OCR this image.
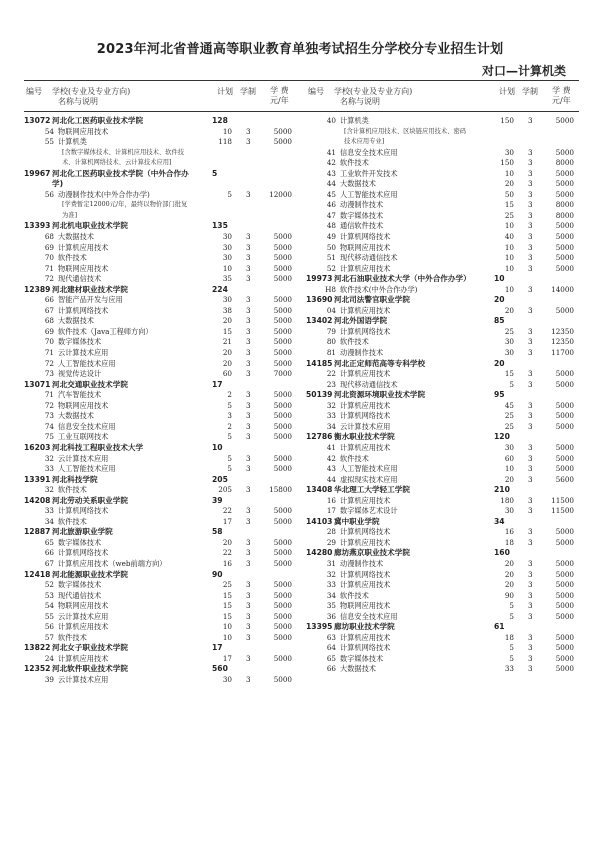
2023年河北省普通高等职业教育单独考试招生分学校分专业招生计划
对口—计算机类
编号 学校(专业及专业方向)
名称与说明
计划 学制 学 费
元/年
13072 河北化工医药职业技术学院	128
54 物联网应用技术	10 3	5000
55 计算机类	118 3	5000
[含数字媒体技术、计算机应用技术、软件技
术、计算机网络技术、云计算技术应用]
19967 河北化工医药职业技术学院（中外合作办	5
学)
56 动漫制作技术(中外合作办学)	5 3	12000
[学费暂定12000元/年，最终以物价部门批复
为准]
13393 河北机电职业技术学院	135
68 大数据技术	30 3	5000
69 计算机应用技术	30 3	5000
70 软件技术	30 3	5000
71 物联网应用技术	10 3	5000
72 现代通信技术	35 3	5000
12389 河北建材职业技术学院	224
66 智能产品开发与应用	30 3	5000
67 计算机网络技术	38 3	5000
68 大数据技术	20 3	5000
69 软件技术（Java工程师方向）	15 3	5000
70 数字媒体技术	21 3	5000
71 云计算技术应用	20 3	5000
72 人工智能技术应用	20 3	5000
73 视觉传达设计	60 3	7000
13071 河北交通职业技术学院	17
71 汽车智能技术	2 3	5000
72 物联网应用技术	5 3	5000
73 大数据技术	3 3	5000
74 信息安全技术应用	2 3	5000
75 工业互联网技术	5 3	5000
16203 河北科技工程职业技术大学	10
32 云计算技术应用	5 3	5000
33 人工智能技术应用	5 3	5000
13391 河北科技学院	205
32 软件技术	205 3	15800
14208 河北劳动关系职业学院	39
33 计算机网络技术	22 3	5000
34 软件技术	17 3	5000
12887 河北旅游职业学院	58
65 数字媒体技术	20 3	5000
66 计算机网络技术	22 3	5000
67 计算机应用技术（web前端方向）	16 3	5000
12418 河北能源职业技术学院	90
52 数字媒体技术	25 3	5000
53 现代通信技术	15 3	5000
54 物联网应用技术	15 3	5000
55 云计算技术应用	15 3	5000
56 计算机应用技术	10 3	5000
57 软件技术	10 3	5000
13822 河北女子职业技术学院	17
24 计算机应用技术	17 3	5000
12352 河北软件职业技术学院	560
39 云计算技术应用	30 3	5000
编号 学校(专业及专业方向)
名称与说明
计划 学制 学 费
元/年
40 计算机类	150 3	5000
[含计算机应用技术、区块链应用技术、密码
技术应用专业]
41 信息安全技术应用	30 3	5000
42 软件技术	150 3	8000
43 工业软件开发技术	10 3	5000
44 大数据技术	20 3	5000
45 人工智能技术应用	50 3	5000
46 动漫制作技术	15 3	8000
47 数字媒体技术	25 3	8000
48 通信软件技术	10 3	5000
49 计算机网络技术	40 3	5000
50 物联网应用技术	10 3	5000
51 现代移动通信技术	10 3	5000
52 计算机应用技术	10 3	5000
19973 河北石油职业技术大学（中外合作办学）	10
H8 软件技术(中外合作办学)	10 3	14000
13690 河北司法警官职业学院	20
04 计算机应用技术	20 3	5000
13402 河北外国语学院	85
79 计算机网络技术	25 3	12350
80 软件技术	30 3	12350
81 动漫制作技术	30 3	11700
14185 河北正定师范高等专科学校	20
22 计算机应用技术	15 3	5000
23 现代移动通信技术	5 3	5000
50139 河北资源环境职业技术学院	95
32 计算机应用技术	45 3	5000
33 计算机网络技术	25 3	5000
34 云计算技术应用	25 3	5000
12786 衡水职业技术学院	120
41 计算机应用技术	30 3	5000
42 软件技术	60 3	5000
43 人工智能技术应用	10 3	5000
44 虚拟现实技术应用	20 3	5600
13408 华北理工大学轻工学院	210
16 计算机应用技术	180 3	11500
17 数字媒体艺术设计	30 3	11500
14103 冀中职业学院	34
28 计算机网络技术	16 3	5000
29 计算机应用技术	18 3	5000
14280 廊坊燕京职业技术学院	160
31 动漫制作技术	20 3	5000
32 计算机网络技术	20 3	5000
33 计算机应用技术	20 3	5000
34 软件技术	90 3	5000
35 物联网应用技术	5 3	5000
36 信息安全技术应用	5 3	5000
13395 廊坊职业技术学院	61
63 计算机应用技术	18 3	5000
64 计算机网络技术	5 3	5000
65 数字媒体技术	5 3	5000
66 大数据技术	33 3	5000
